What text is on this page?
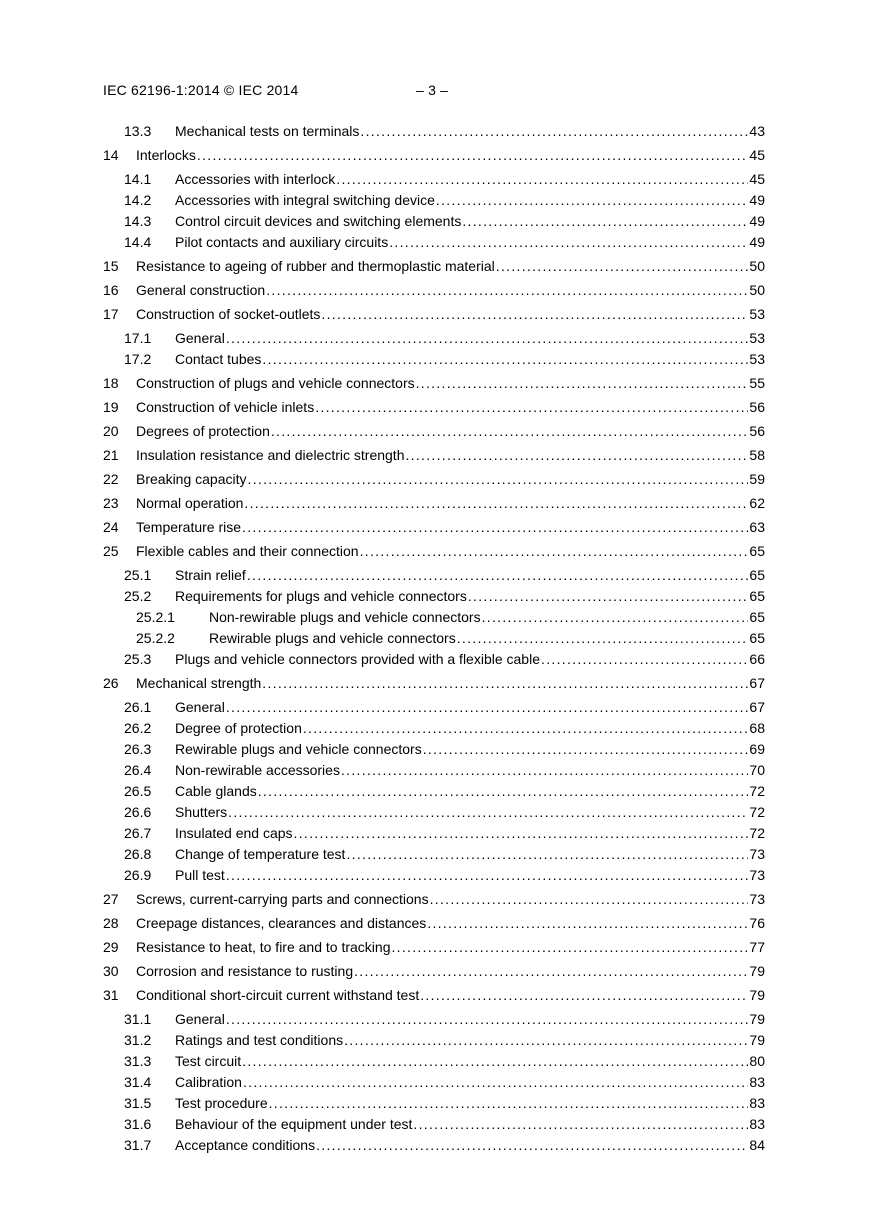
IEC 62196-1:2014 © IEC 2014	– 3 –
13.3 Mechanical tests on terminals .....	43
14 Interlocks .....	45
14.1 Accessories with interlock .....	45
14.2 Accessories with integral switching device .....	49
14.3 Control circuit devices and switching elements .....	49
14.4 Pilot contacts and auxiliary circuits .....	49
15 Resistance to ageing of rubber and thermoplastic material .....	50
16 General construction .....	50
17 Construction of socket-outlets .....	53
17.1 General .....	53
17.2 Contact tubes .....	53
18 Construction of plugs and vehicle connectors .....	55
19 Construction of vehicle inlets .....	56
20 Degrees of protection .....	56
21 Insulation resistance and dielectric strength .....	58
22 Breaking capacity .....	59
23 Normal operation .....	62
24 Temperature rise .....	63
25 Flexible cables and their connection .....	65
25.1 Strain relief .....	65
25.2 Requirements for plugs and vehicle connectors .....	65
25.2.1 Non-rewirable plugs and vehicle connectors .....	65
25.2.2 Rewirable plugs and vehicle connectors .....	65
25.3 Plugs and vehicle connectors provided with a flexible cable .....	66
26 Mechanical strength .....	67
26.1 General .....	67
26.2 Degree of protection .....	68
26.3 Rewirable plugs and vehicle connectors .....	69
26.4 Non-rewirable accessories .....	70
26.5 Cable glands .....	72
26.6 Shutters .....	72
26.7 Insulated end caps .....	72
26.8 Change of temperature test .....	73
26.9 Pull test .....	73
27 Screws, current-carrying parts and connections .....	73
28 Creepage distances, clearances and distances .....	76
29 Resistance to heat, to fire and to tracking .....	77
30 Corrosion and resistance to rusting .....	79
31 Conditional short-circuit current withstand test .....	79
31.1 General .....	79
31.2 Ratings and test conditions .....	79
31.3 Test circuit .....	80
31.4 Calibration .....	83
31.5 Test procedure .....	83
31.6 Behaviour of the equipment under test .....	83
31.7 Acceptance conditions .....	84
